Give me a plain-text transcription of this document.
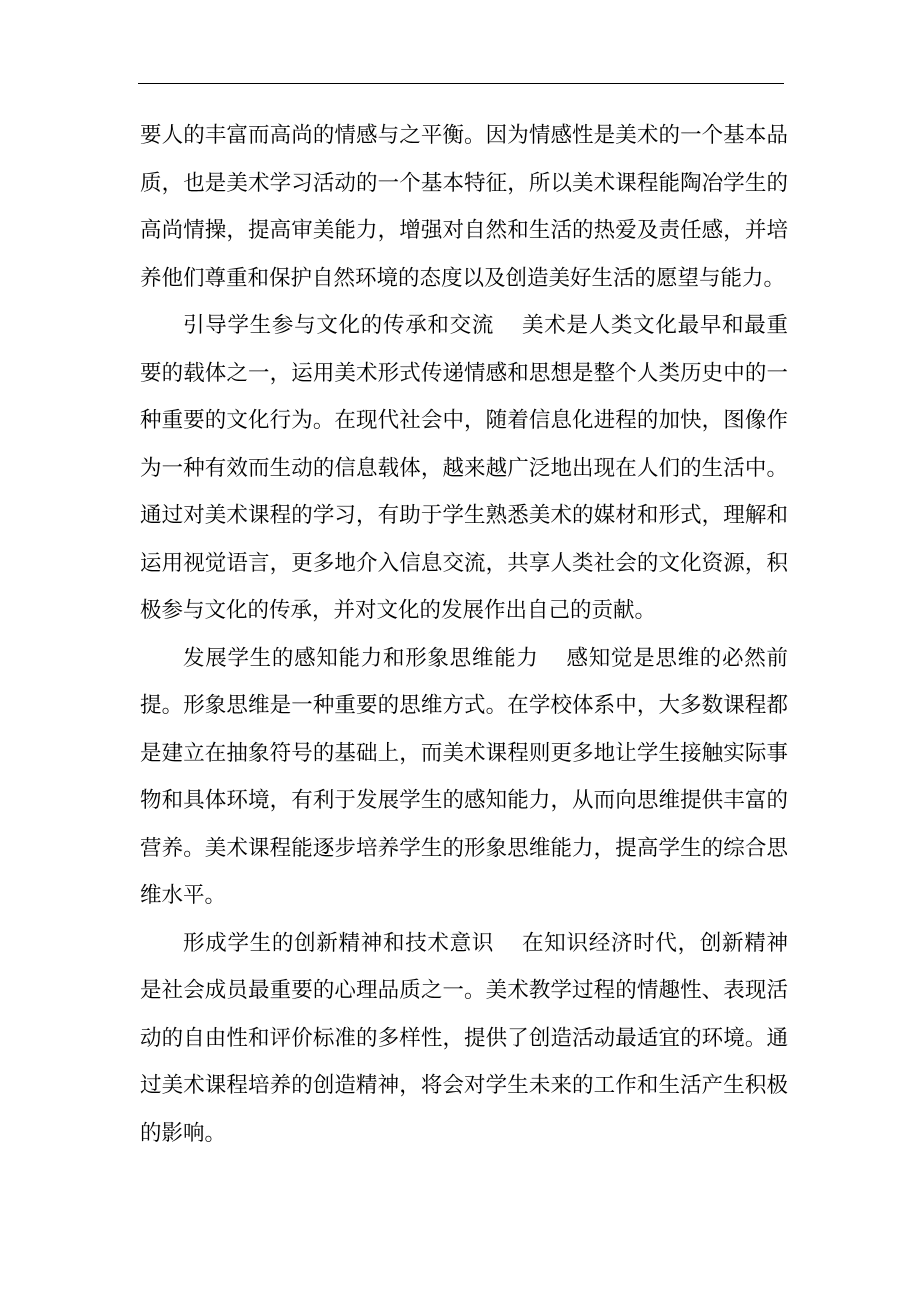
要人的丰富而高尚的情感与之平衡。因为情感性是美术的一个基本品质，也是美术学习活动的一个基本特征，所以美术课程能陶冶学生的高尚情操，提高审美能力，增强对自然和生活的热爱及责任感，并培养他们尊重和保护自然环境的态度以及创造美好生活的愿望与能力。

引导学生参与文化的传承和交流 美术是人类文化最早和最重要的载体之一，运用美术形式传递情感和思想是整个人类历史中的一种重要的文化行为。在现代社会中，随着信息化进程的加快，图像作为一种有效而生动的信息载体，越来越广泛地出现在人们的生活中。通过对美术课程的学习，有助于学生熟悉美术的媒材和形式，理解和运用视觉语言，更多地介入信息交流，共享人类社会的文化资源，积极参与文化的传承，并对文化的发展作出自己的贡献。

发展学生的感知能力和形象思维能力 感知觉是思维的必然前提。形象思维是一种重要的思维方式。在学校体系中，大多数课程都是建立在抽象符号的基础上，而美术课程则更多地让学生接触实际事物和具体环境，有利于发展学生的感知能力，从而向思维提供丰富的营养。美术课程能逐步培养学生的形象思维能力，提高学生的综合思维水平。

形成学生的创新精神和技术意识 在知识经济时代，创新精神是社会成员最重要的心理品质之一。美术教学过程的情趣性、表现活动的自由性和评价标准的多样性，提供了创造活动最适宜的环境。通过美术课程培养的创造精神，将会对学生未来的工作和生活产生积极的影响。
